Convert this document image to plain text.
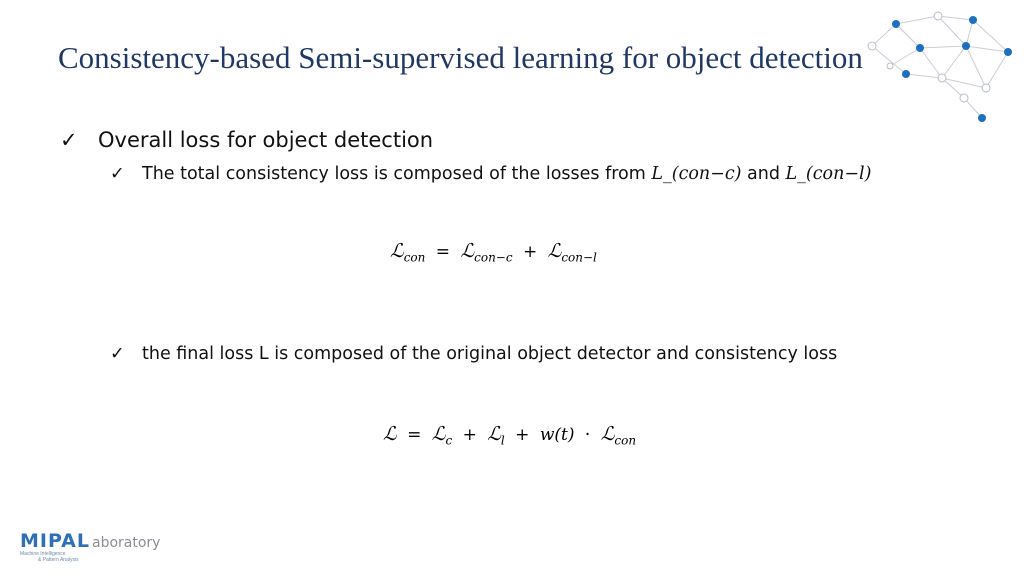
Consistency-based Semi-supervised learning for object detection
✓ Overall loss for object detection
✓ The total consistency loss is composed of the losses from L_(con−c) and L_(con−l)
ℒ$_{con}$ = ℒ$_{con-c}$ + ℒ$_{con-l}$
✓ the final loss L is composed of the original object detector and consistency loss
ℒ = ℒ$_c$ + ℒ$_l$ + w(t) · ℒ$_{con}$
MIPAL aboratory
Machine Intelligence
& Pattern Analysis
